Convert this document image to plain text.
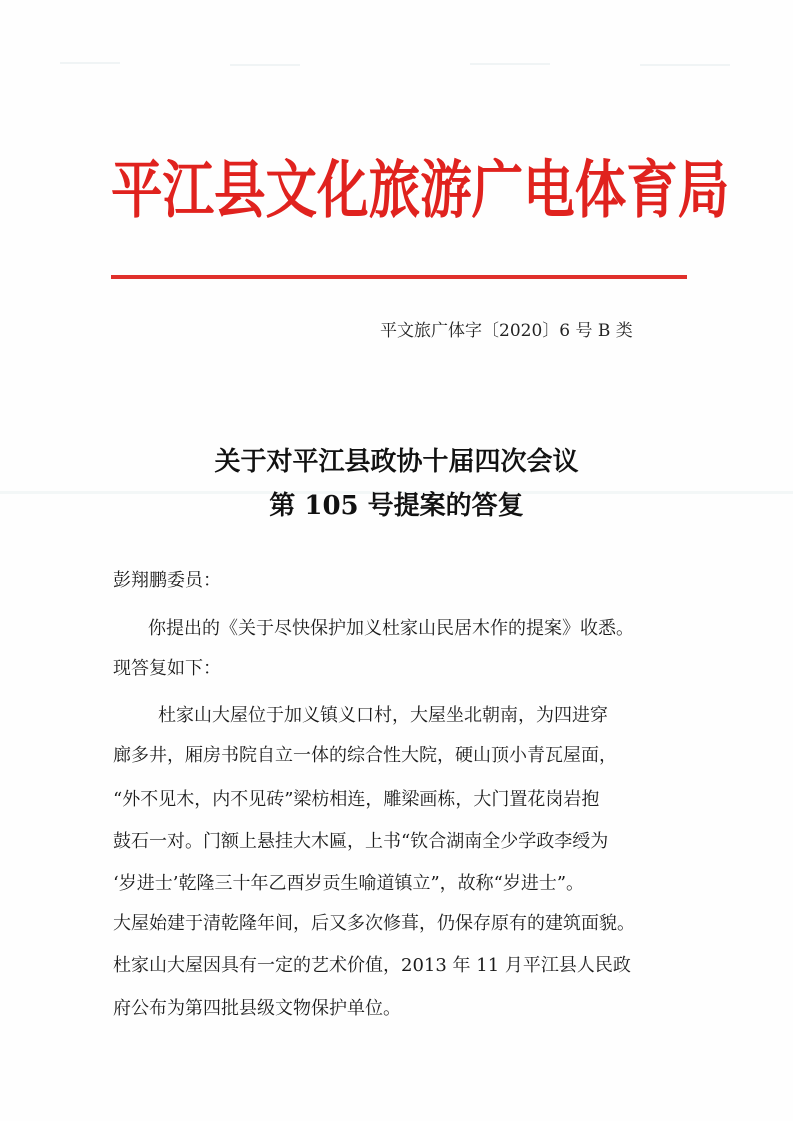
平江县文化旅游广电体育局
平文旅广体字〔2020〕6 号 B 类
关于对平江县政协十届四次会议
第 105 号提案的答复
彭翔鹏委员：
你提出的《关于尽快保护加义杜家山民居木作的提案》收悉。
现答复如下：
杜家山大屋位于加义镇义口村，大屋坐北朝南，为四进穿
廊多井，厢房书院自立一体的综合性大院，硬山顶小青瓦屋面，
“外不见木，内不见砖”梁枋相连，雕梁画栋，大门置花岗岩抱
鼓石一对。门额上悬挂大木匾，上书“钦合湖南全少学政李绶为
‘岁进士’乾隆三十年乙酉岁贡生喻道镇立”，故称“岁进士”。
大屋始建于清乾隆年间，后又多次修葺，仍保存原有的建筑面貌。
杜家山大屋因具有一定的艺术价值，2013 年 11 月平江县人民政
府公布为第四批县级文物保护单位。
